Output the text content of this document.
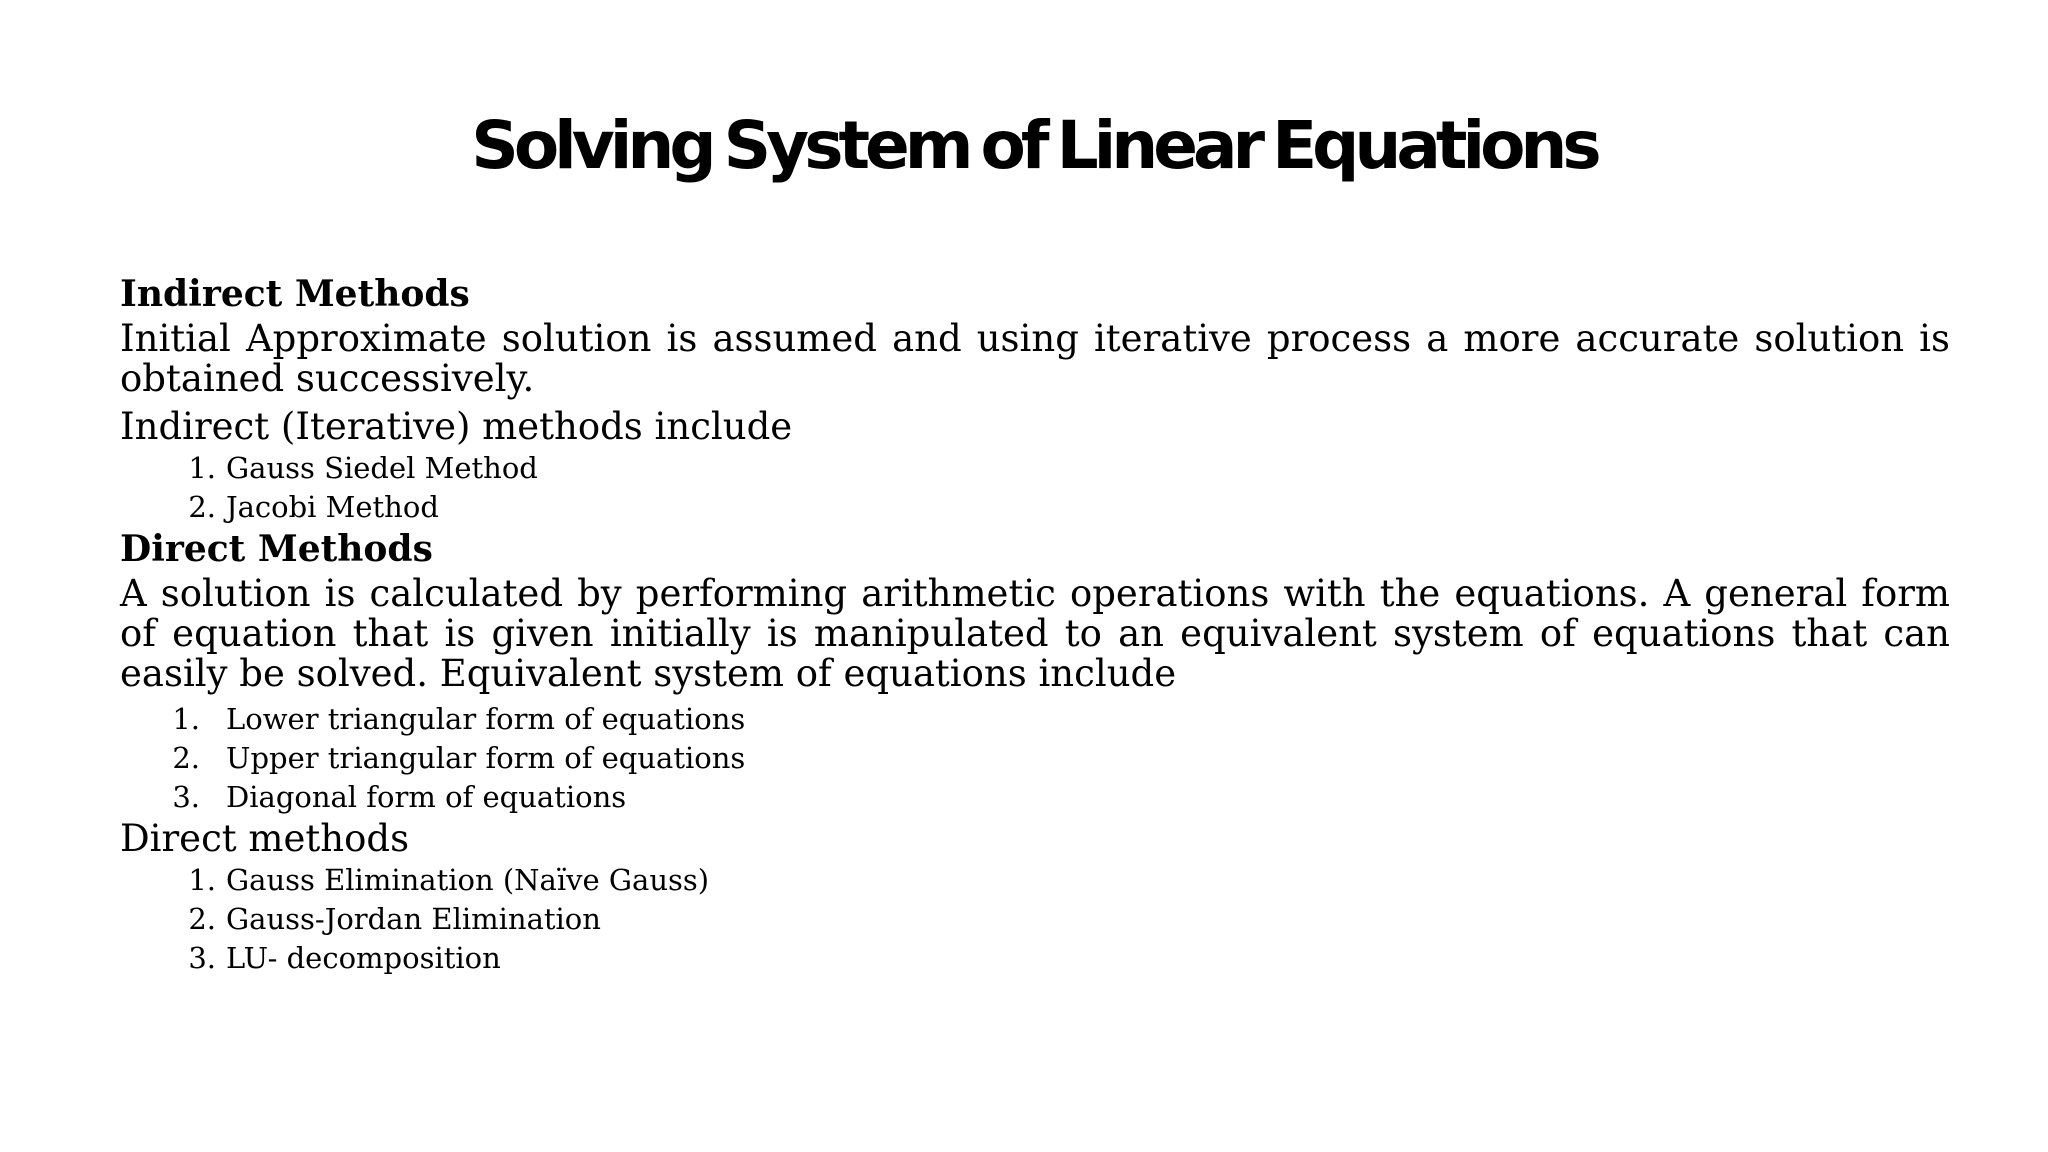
Solving System of Linear Equations

Indirect Methods

Initial Approximate solution is assumed and using iterative process a more accurate solution is obtained successively.

Indirect (Iterative) methods include

1. Gauss Siedel Method
2. Jacobi Method

Direct Methods

A solution is calculated by performing arithmetic operations with the equations. A general form of equation that is given initially is manipulated to an equivalent system of equations that can easily be solved. Equivalent system of equations include

1. Lower triangular form of equations
2. Upper triangular form of equations
3. Diagonal form of equations

Direct methods

1. Gauss Elimination (Naïve Gauss)
2. Gauss-Jordan Elimination
3. LU- decomposition
